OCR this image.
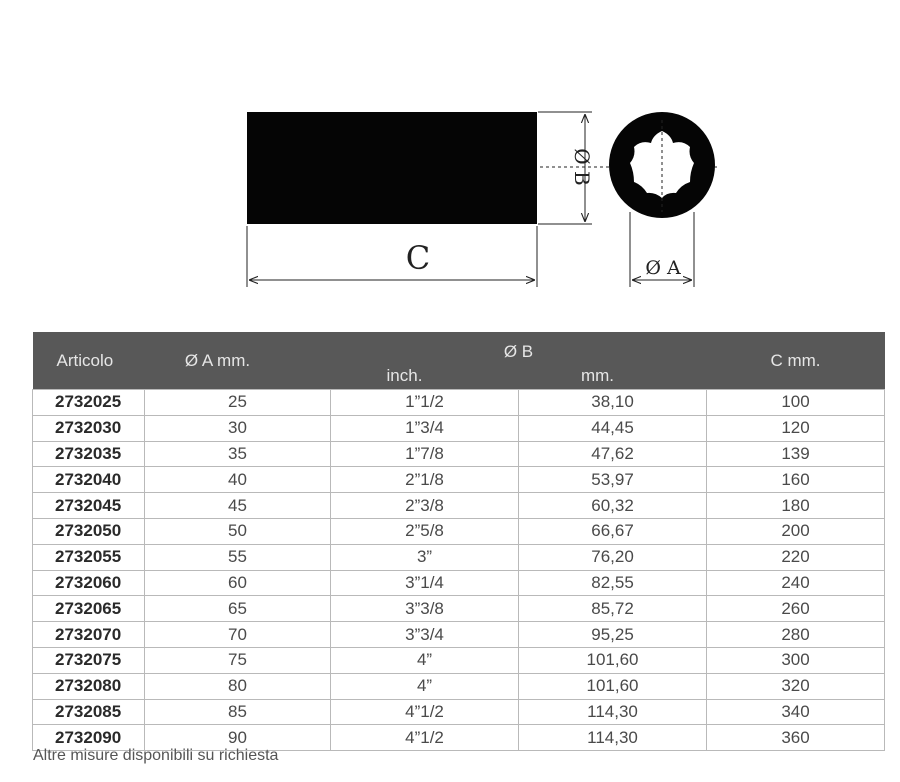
C
Ø B
Ø A
Articolo	Ø A mm.	Ø B		C mm.
		inch.	mm.	
2732025	25	1”1/2	38,10	100
2732030	30	1”3/4	44,45	120
2732035	35	1”7/8	47,62	139
2732040	40	2”1/8	53,97	160
2732045	45	2”3/8	60,32	180
2732050	50	2”5/8	66,67	200
2732055	55	3”	76,20	220
2732060	60	3”1/4	82,55	240
2732065	65	3”3/8	85,72	260
2732070	70	3”3/4	95,25	280
2732075	75	4”	101,60	300
2732080	80	4”	101,60	320
2732085	85	4”1/2	114,30	340
2732090	90	4”1/2	114,30	360
Altre misure disponibili su richiesta
